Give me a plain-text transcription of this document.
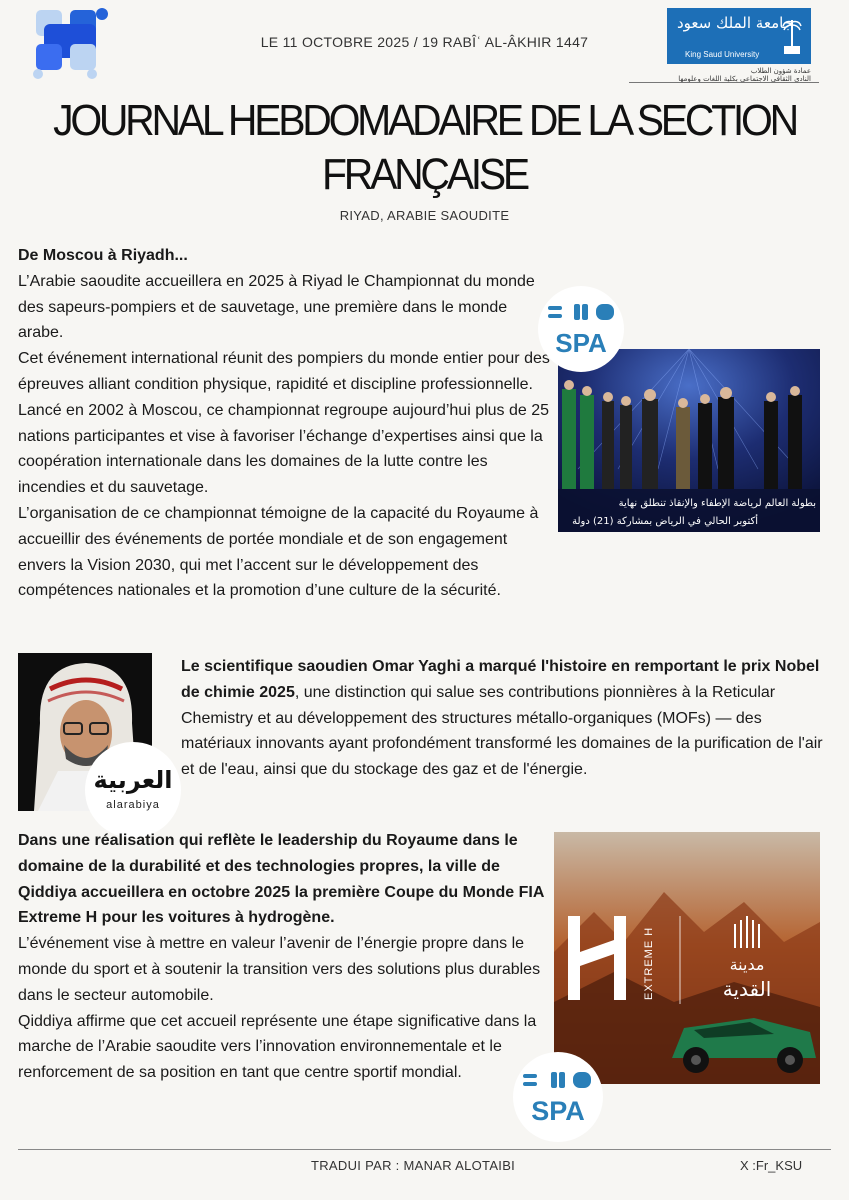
LE 11 OCTOBRE 2025 / 19 RABÎʿ AL-ÂKHIR 1447
جامعة الملك سعود
King Saud University
عمادة شؤون الطلاب
النادي الثقافي الاجتماعي بكلية اللغات وعلومها
JOURNAL HEBDOMADAIRE DE LA SECTION
FRANÇAISE
RIYAD, ARABIE SAOUDITE
De Moscou à Riyadh...
L’Arabie saoudite accueillera en 2025 à Riyad le Championnat du monde des sapeurs-pompiers et de sauvetage, une première dans le monde arabe.
Cet événement international réunit des pompiers du monde entier pour des épreuves alliant condition physique, rapidité et discipline professionnelle.
Lancé en 2002 à Moscou, ce championnat regroupe aujourd’hui plus de 25 nations participantes et vise à favoriser l’échange d’expertises ainsi que la coopération internationale dans les domaines de la lutte contre les incendies et du sauvetage.
L’organisation de ce championnat témoigne de la capacité du Royaume à accueillir des événements de portée mondiale et de son engagement envers la Vision 2030, qui met l’accent sur le développement des compétences nationales et la promotion d’une culture de la sécurité.
بطولة العالم لرياضة الإطفاء والإنقاذ تنطلق نهاية
أكتوبر الحالي في الرياض بمشاركة (21) دولة
SPA
العربية
alarabiya
Le scientifique saoudien Omar Yaghi a marqué l'histoire en remportant le prix Nobel de chimie 2025, une distinction qui salue ses contributions pionnières à la Reticular Chemistry et au développement des structures métallo-organiques (MOFs) — des matériaux innovants ayant profondément transformé les domaines de la purification de l'air et de l'eau, ainsi que du stockage des gaz et de l'énergie.
Dans une réalisation qui reflète le leadership du Royaume dans le domaine de la durabilité et des technologies propres, la ville de Qiddiya accueillera en octobre 2025 la première Coupe du Monde FIA Extreme H pour les voitures à hydrogène.
L’événement vise à mettre en valeur l’avenir de l’énergie propre dans le monde du sport et à soutenir la transition vers des solutions plus durables dans le secteur automobile.
Qiddiya affirme que cet accueil représente une étape significative dans la marche de l’Arabie saoudite vers l’innovation environnementale et le renforcement de sa position en tant que centre sportif mondial.
EXTREME H	مدينة
القدية
SPA
TRADUI PAR : MANAR ALOTAIBI	X :Fr_KSU
